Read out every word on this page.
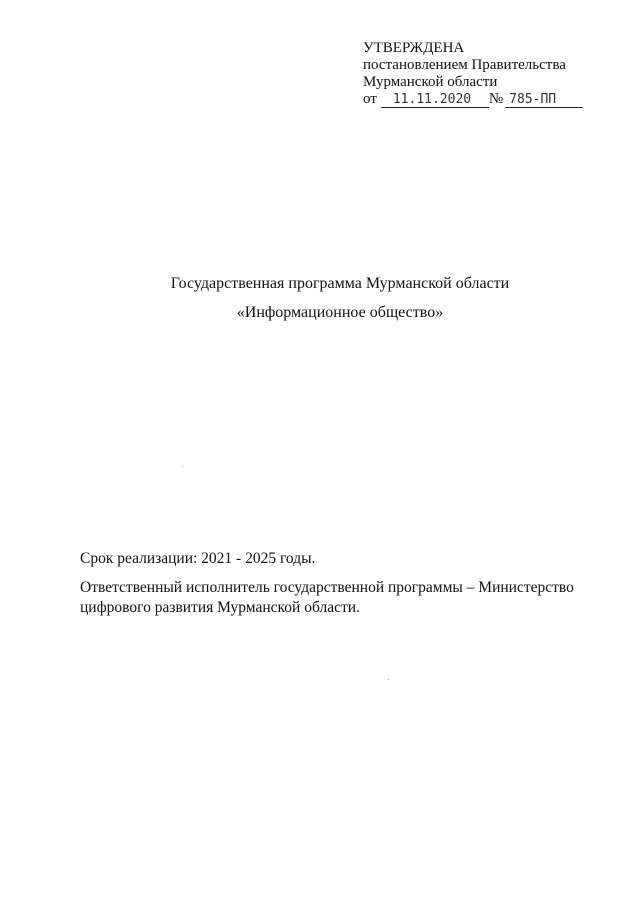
УТВЕРЖДЕНА
постановлением Правительства
Мурманской области
от	11.11.2020	№ 785-ПП
Государственная программа Мурманской области
«Информационное общество»
Срок реализации: 2021 - 2025 годы.
Ответственный исполнитель государственной программы – Министерство цифрового развития Мурманской области.
